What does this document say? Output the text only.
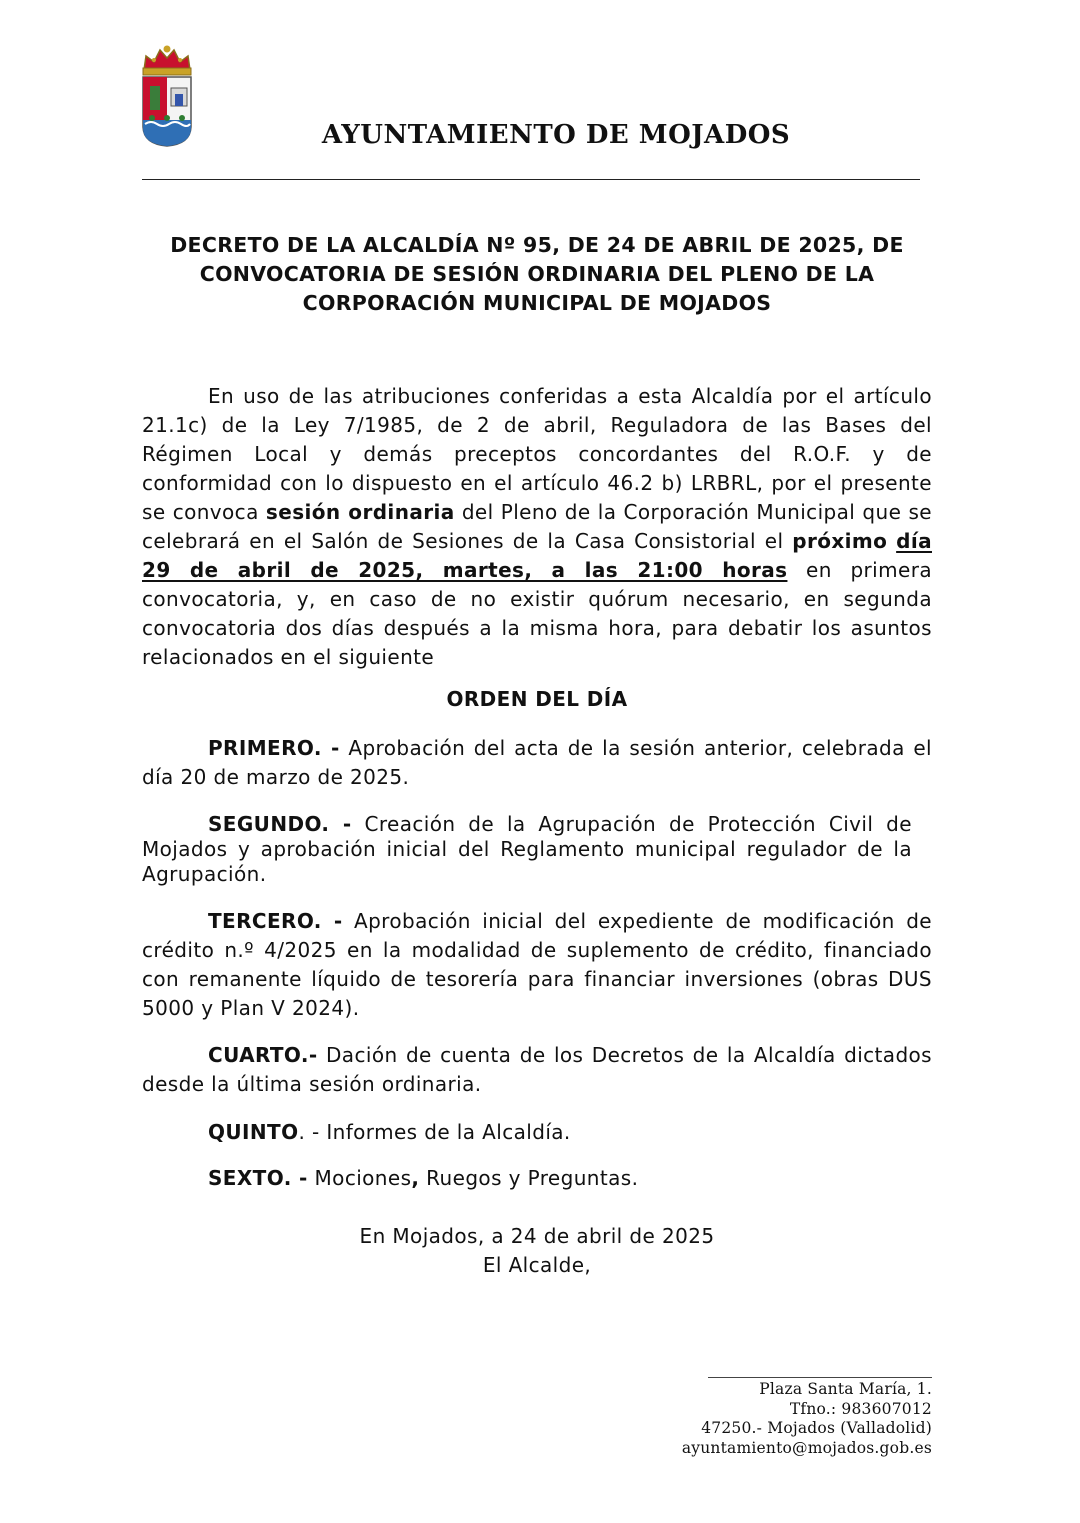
AYUNTAMIENTO DE MOJADOS
DECRETO DE LA ALCALDÍA Nº 95, DE 24 DE ABRIL DE 2025, DE
CONVOCATORIA DE SESIÓN ORDINARIA DEL PLENO DE LA
CORPORACIÓN MUNICIPAL DE MOJADOS
En uso de las atribuciones conferidas a esta Alcaldía por el artículo 21.1c) de la Ley 7/1985, de 2 de abril, Reguladora de las Bases del Régimen Local y demás preceptos concordantes del R.O.F. y de conformidad con lo dispuesto en el artículo 46.2 b) LRBRL, por el presente se convoca sesión ordinaria del Pleno de la Corporación Municipal que se celebrará en el Salón de Sesiones de la Casa Consistorial el próximo día 29 de abril de 2025, martes, a las 21:00 horas en primera convocatoria, y, en caso de no existir quórum necesario, en segunda convocatoria dos días después a la misma hora, para debatir los asuntos relacionados en el siguiente
ORDEN DEL DÍA
PRIMERO. - Aprobación del acta de la sesión anterior, celebrada el día 20 de marzo de 2025.
SEGUNDO. - Creación de la Agrupación de Protección Civil de Mojados y aprobación inicial del Reglamento municipal regulador de la Agrupación.
TERCERO. - Aprobación inicial del expediente de modificación de crédito n.º 4/2025 en la modalidad de suplemento de crédito, financiado con remanente líquido de tesorería para financiar inversiones (obras DUS 5000 y Plan V 2024).
CUARTO.- Dación de cuenta de los Decretos de la Alcaldía dictados desde la última sesión ordinaria.
QUINTO. - Informes de la Alcaldía.
SEXTO. - Mociones, Ruegos y Preguntas.
En Mojados, a 24 de abril de 2025
El Alcalde,
Plaza Santa María, 1.
Tfno.: 983607012
47250.- Mojados (Valladolid)
ayuntamiento@mojados.gob.es
